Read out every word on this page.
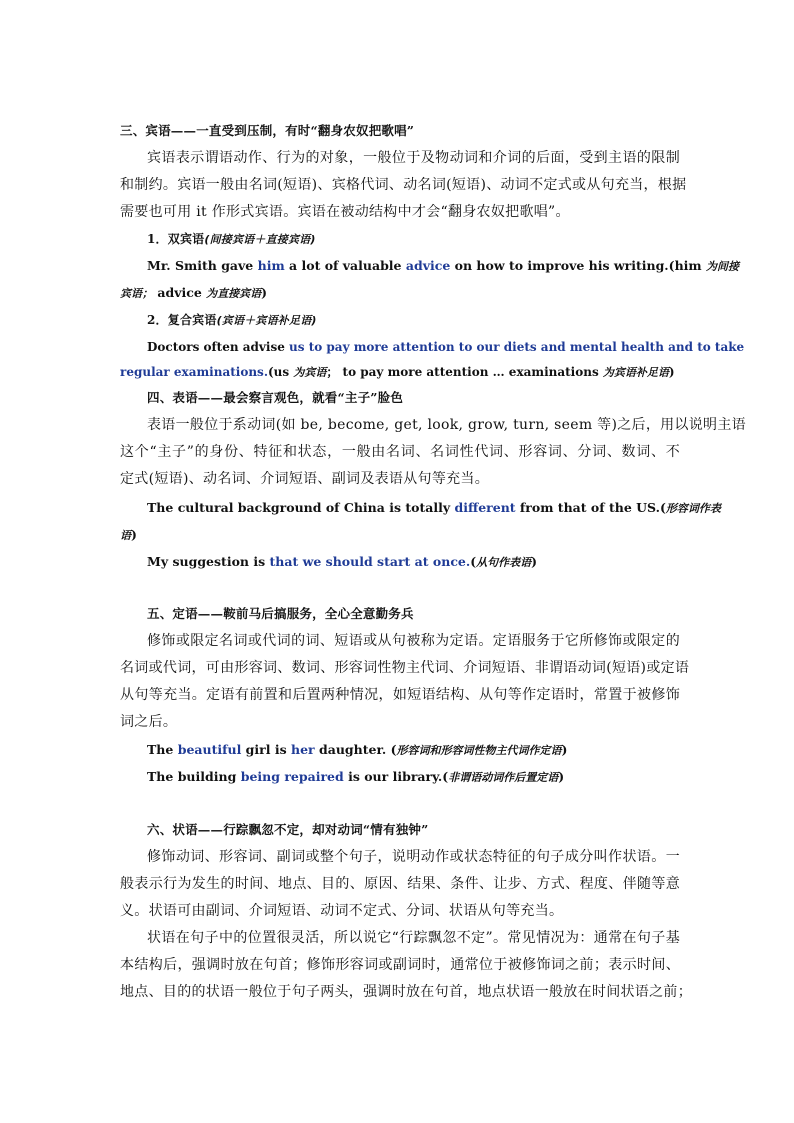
三、宾语——一直受到压制，有时“翻身农奴把歌唱”
宾语表示谓语动作、行为的对象，一般位于及物动词和介词的后面，受到主语的限制
和制约。宾语一般由名词(短语)、宾格代词、动名词(短语)、动词不定式或从句充当，根据
需要也可用 it 作形式宾语。宾语在被动结构中才会“翻身农奴把歌唱”。
1．双宾语(间接宾语＋直接宾语)
Mr. Smith gave him a lot of valuable advice on how to improve his writing.(him 为间接
宾语； advice 为直接宾语)
2．复合宾语(宾语＋宾语补足语)
Doctors often advise us to pay more attention to our diets and mental health and to take
regular examinations.(us 为宾语； to pay more attention … examinations 为宾语补足语)
四、表语——最会察言观色，就看“主子”脸色
表语一般位于系动词(如 be, become, get, look, grow, turn, seem 等)之后，用以说明主语
这个“主子”的身份、特征和状态，一般由名词、名词性代词、形容词、分词、数词、不
定式(短语)、动名词、介词短语、副词及表语从句等充当。
The cultural background of China is totally different from that of the US.(形容词作表
语)
My suggestion is that we should start at once.(从句作表语)
五、定语——鞍前马后搞服务，全心全意勤务兵
修饰或限定名词或代词的词、短语或从句被称为定语。定语服务于它所修饰或限定的
名词或代词，可由形容词、数词、形容词性物主代词、介词短语、非谓语动词(短语)或定语
从句等充当。定语有前置和后置两种情况，如短语结构、从句等作定语时，常置于被修饰
词之后。
The beautiful girl is her daughter. (形容词和形容词性物主代词作定语)
The building being repaired is our library.(非谓语动词作后置定语)
六、状语——行踪飘忽不定，却对动词“情有独钟”
修饰动词、形容词、副词或整个句子，说明动作或状态特征的句子成分叫作状语。一
般表示行为发生的时间、地点、目的、原因、结果、条件、让步、方式、程度、伴随等意
义。状语可由副词、介词短语、动词不定式、分词、状语从句等充当。
状语在句子中的位置很灵活，所以说它“行踪飘忽不定”。常见情况为：通常在句子基
本结构后，强调时放在句首；修饰形容词或副词时，通常位于被修饰词之前；表示时间、
地点、目的的状语一般位于句子两头，强调时放在句首，地点状语一般放在时间状语之前；
